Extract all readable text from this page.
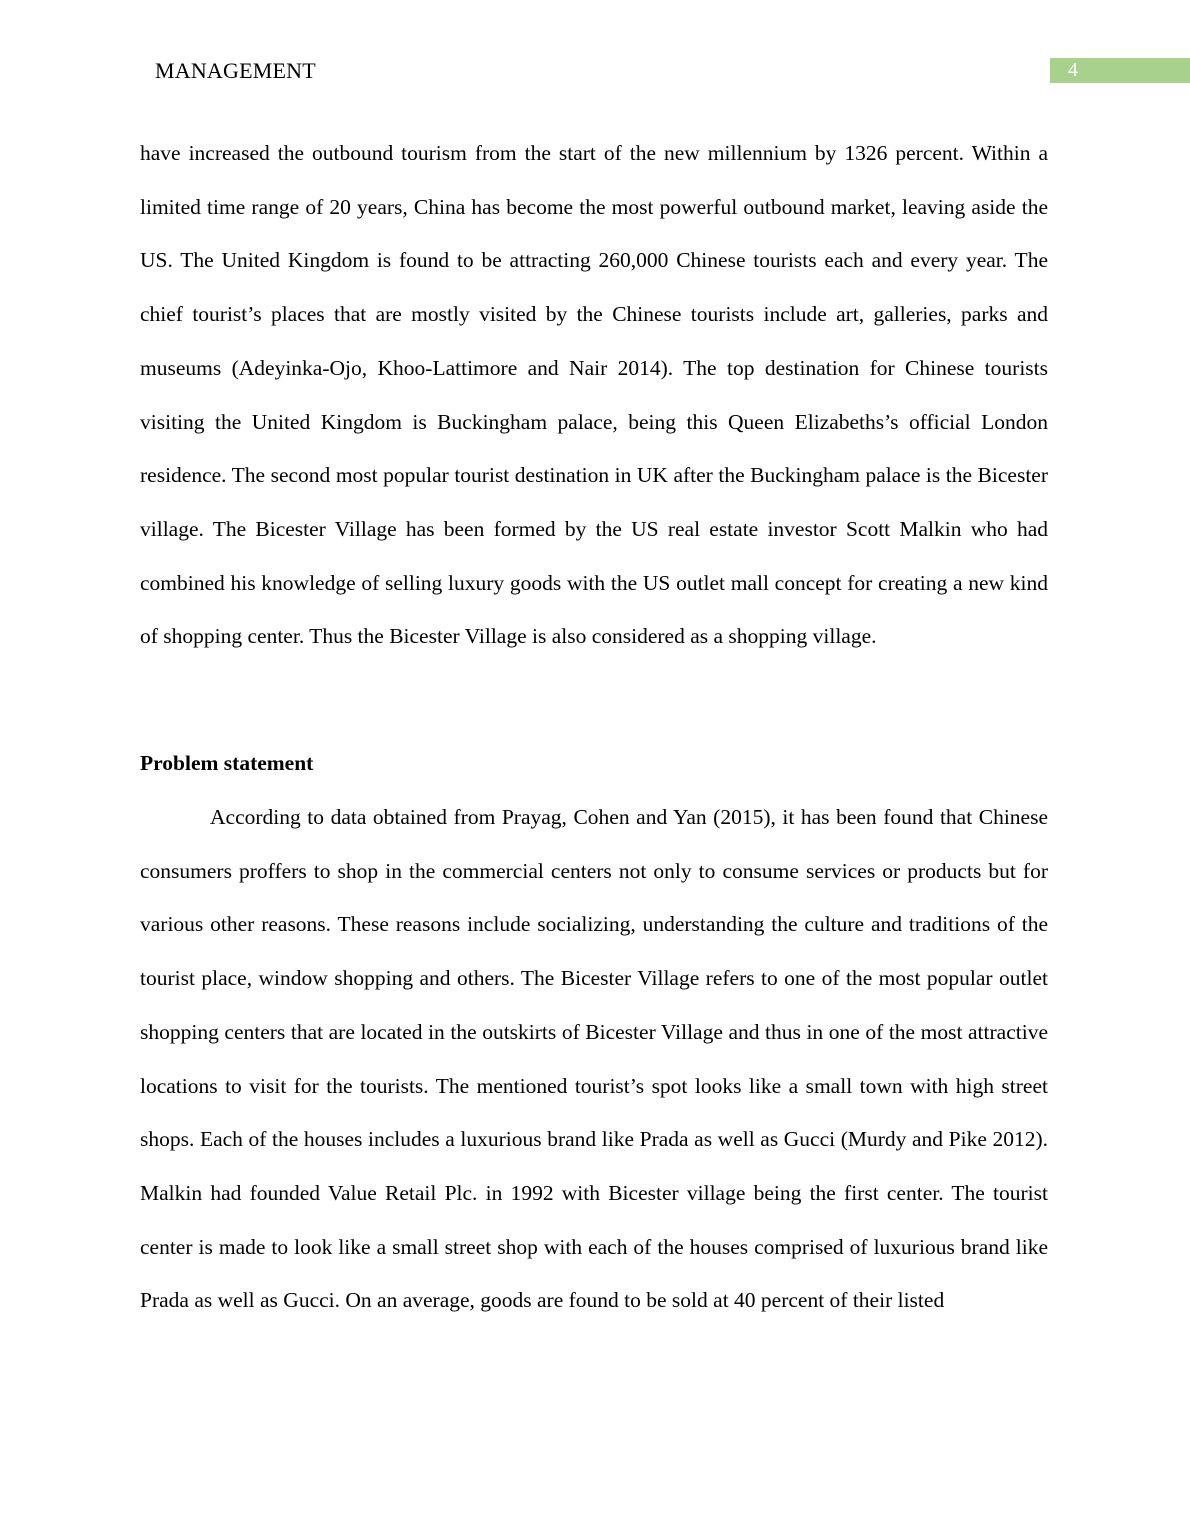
MANAGEMENT	4

have increased the outbound tourism from the start of the new millennium by 1326 percent. Within a limited time range of 20 years, China has become the most powerful outbound market, leaving aside the US. The United Kingdom is found to be attracting 260,000 Chinese tourists each and every year. The chief tourist’s places that are mostly visited by the Chinese tourists include art, galleries, parks and museums (Adeyinka-Ojo, Khoo-Lattimore and Nair 2014). The top destination for Chinese tourists visiting the United Kingdom is Buckingham palace, being this Queen Elizabeths’s official London residence. The second most popular tourist destination in UK after the Buckingham palace is the Bicester village. The Bicester Village has been formed by the US real estate investor Scott Malkin who had combined his knowledge of selling luxury goods with the US outlet mall concept for creating a new kind of shopping center. Thus the Bicester Village is also considered as a shopping village.

Problem statement

According to data obtained from Prayag, Cohen and Yan (2015), it has been found that Chinese consumers proffers to shop in the commercial centers not only to consume services or products but for various other reasons. These reasons include socializing, understanding the culture and traditions of the tourist place, window shopping and others. The Bicester Village refers to one of the most popular outlet shopping centers that are located in the outskirts of Bicester Village and thus in one of the most attractive locations to visit for the tourists. The mentioned tourist’s spot looks like a small town with high street shops. Each of the houses includes a luxurious brand like Prada as well as Gucci (Murdy and Pike 2012). Malkin had founded Value Retail Plc. in 1992 with Bicester village being the first center. The tourist center is made to look like a small street shop with each of the houses comprised of luxurious brand like Prada as well as Gucci. On an average, goods are found to be sold at 40 percent of their listed
